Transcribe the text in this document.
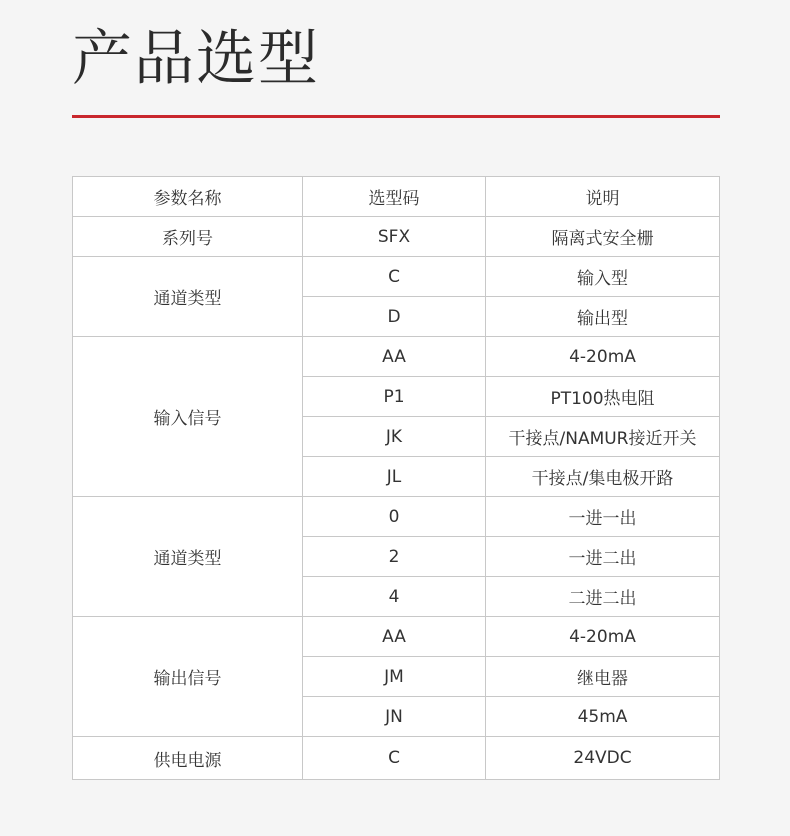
产品选型
参数名称	选型码	说明
系列号	SFX	隔离式安全栅
通道类型	C	输入型
	D	输出型
输入信号	AA	4-20mA
	P1	PT100热电阻
	JK	干接点/NAMUR接近开关
	JL	干接点/集电极开路
通道类型	0	一进一出
	2	一进二出
	4	二进二出
输出信号	AA	4-20mA
	JM	继电器
	JN	45mA
供电电源	C	24VDC
